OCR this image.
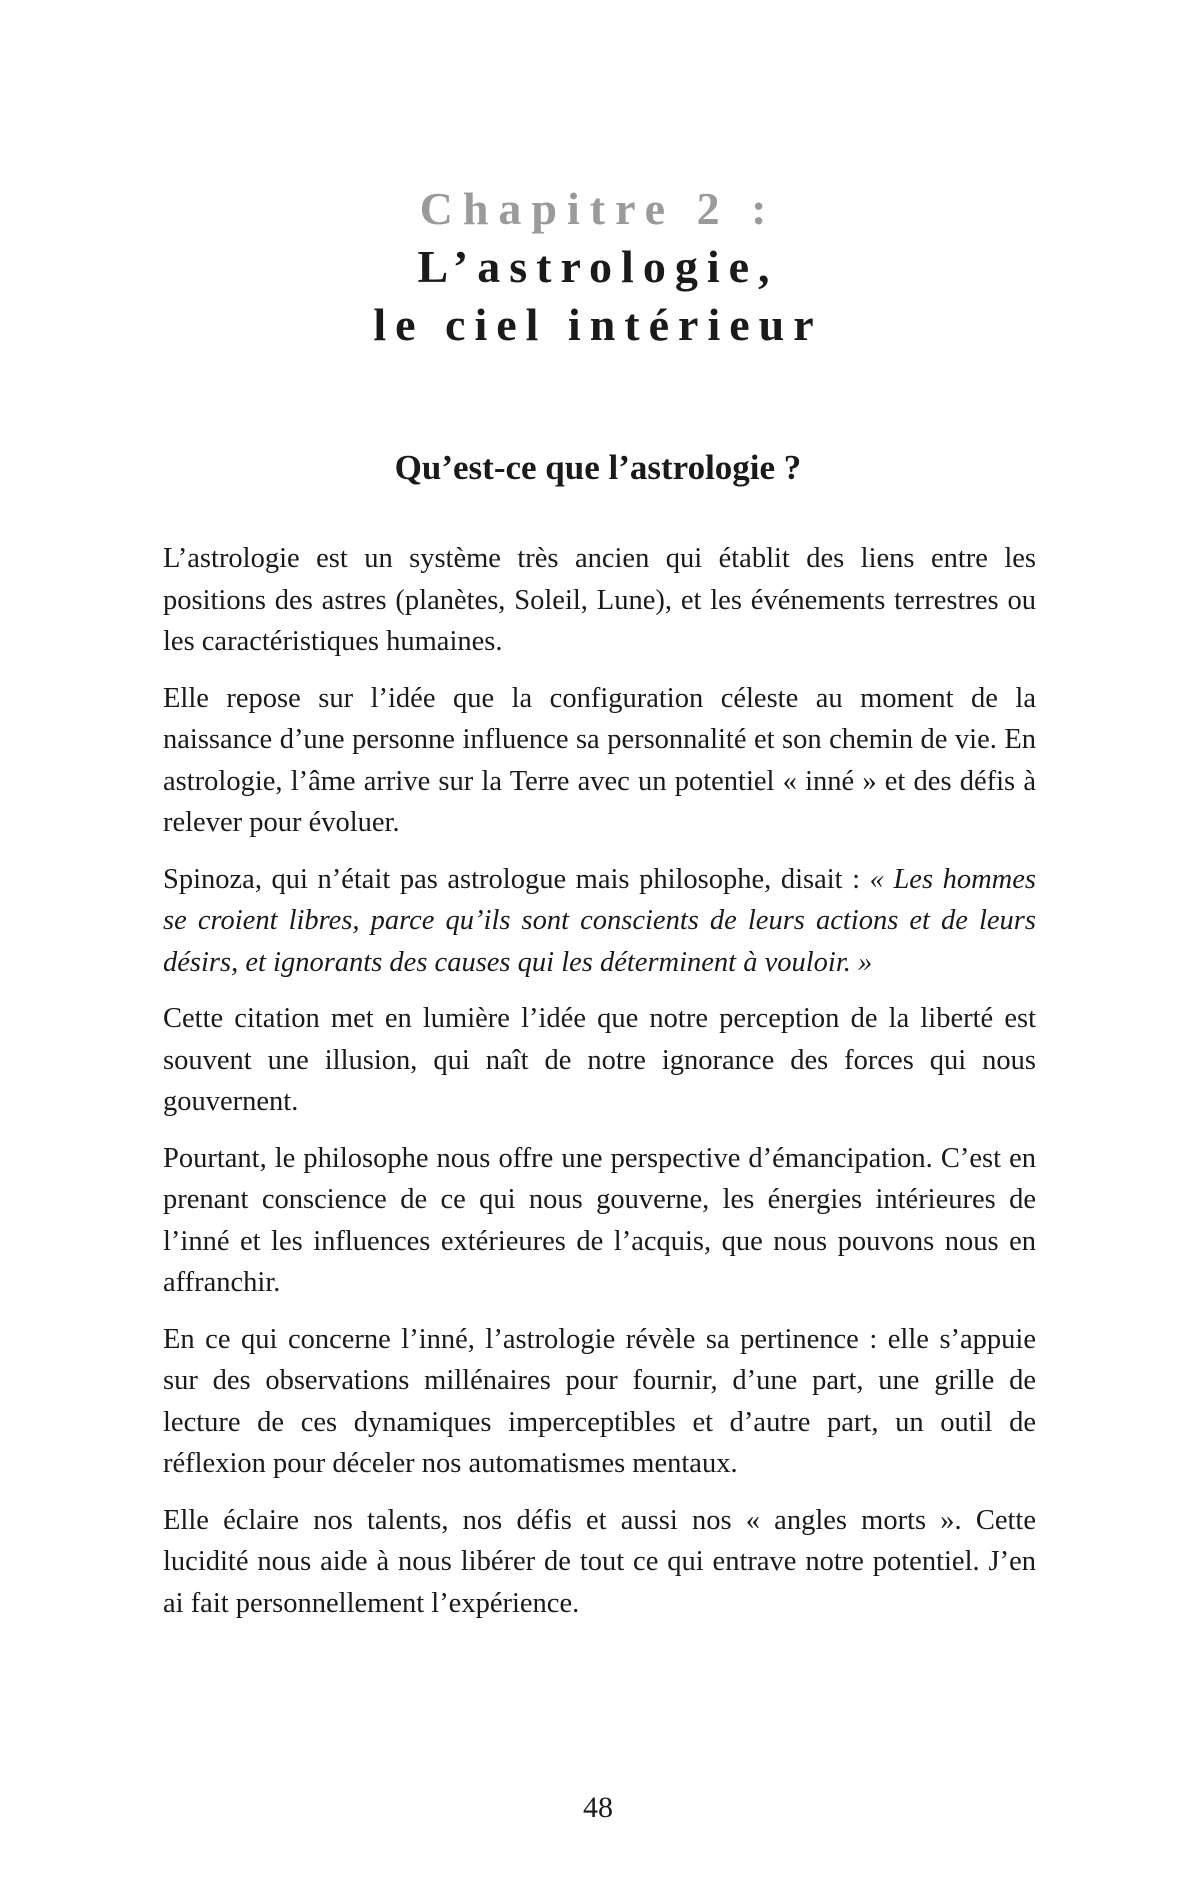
Chapitre 2 :
L’astrologie,
le ciel intérieur
Qu’est-ce que l’astrologie ?

L’astrologie est un système très ancien qui établit des liens entre les positions des astres (planètes, Soleil, Lune), et les événements terrestres ou les caractéristiques humaines.

Elle repose sur l’idée que la configuration céleste au moment de la naissance d’une personne influence sa personnalité et son chemin de vie. En astrologie, l’âme arrive sur la Terre avec un potentiel « inné » et des défis à relever pour évoluer.

Spinoza, qui n’était pas astrologue mais philosophe, disait : « Les hommes se croient libres, parce qu’ils sont conscients de leurs actions et de leurs désirs, et ignorants des causes qui les déterminent à vouloir. »

Cette citation met en lumière l’idée que notre perception de la liberté est souvent une illusion, qui naît de notre ignorance des forces qui nous gouvernent.

Pourtant, le philosophe nous offre une perspective d’émancipation. C’est en prenant conscience de ce qui nous gouverne, les énergies intérieures de l’inné et les influences extérieures de l’acquis, que nous pouvons nous en affranchir.

En ce qui concerne l’inné, l’astrologie révèle sa pertinence : elle s’appuie sur des observations millénaires pour fournir, d’une part, une grille de lecture de ces dynamiques imperceptibles et d’autre part, un outil de réflexion pour déceler nos automatismes mentaux.

Elle éclaire nos talents, nos défis et aussi nos « angles morts ». Cette lucidité nous aide à nous libérer de tout ce qui entrave notre potentiel. J’en ai fait personnellement l’expérience.

48
